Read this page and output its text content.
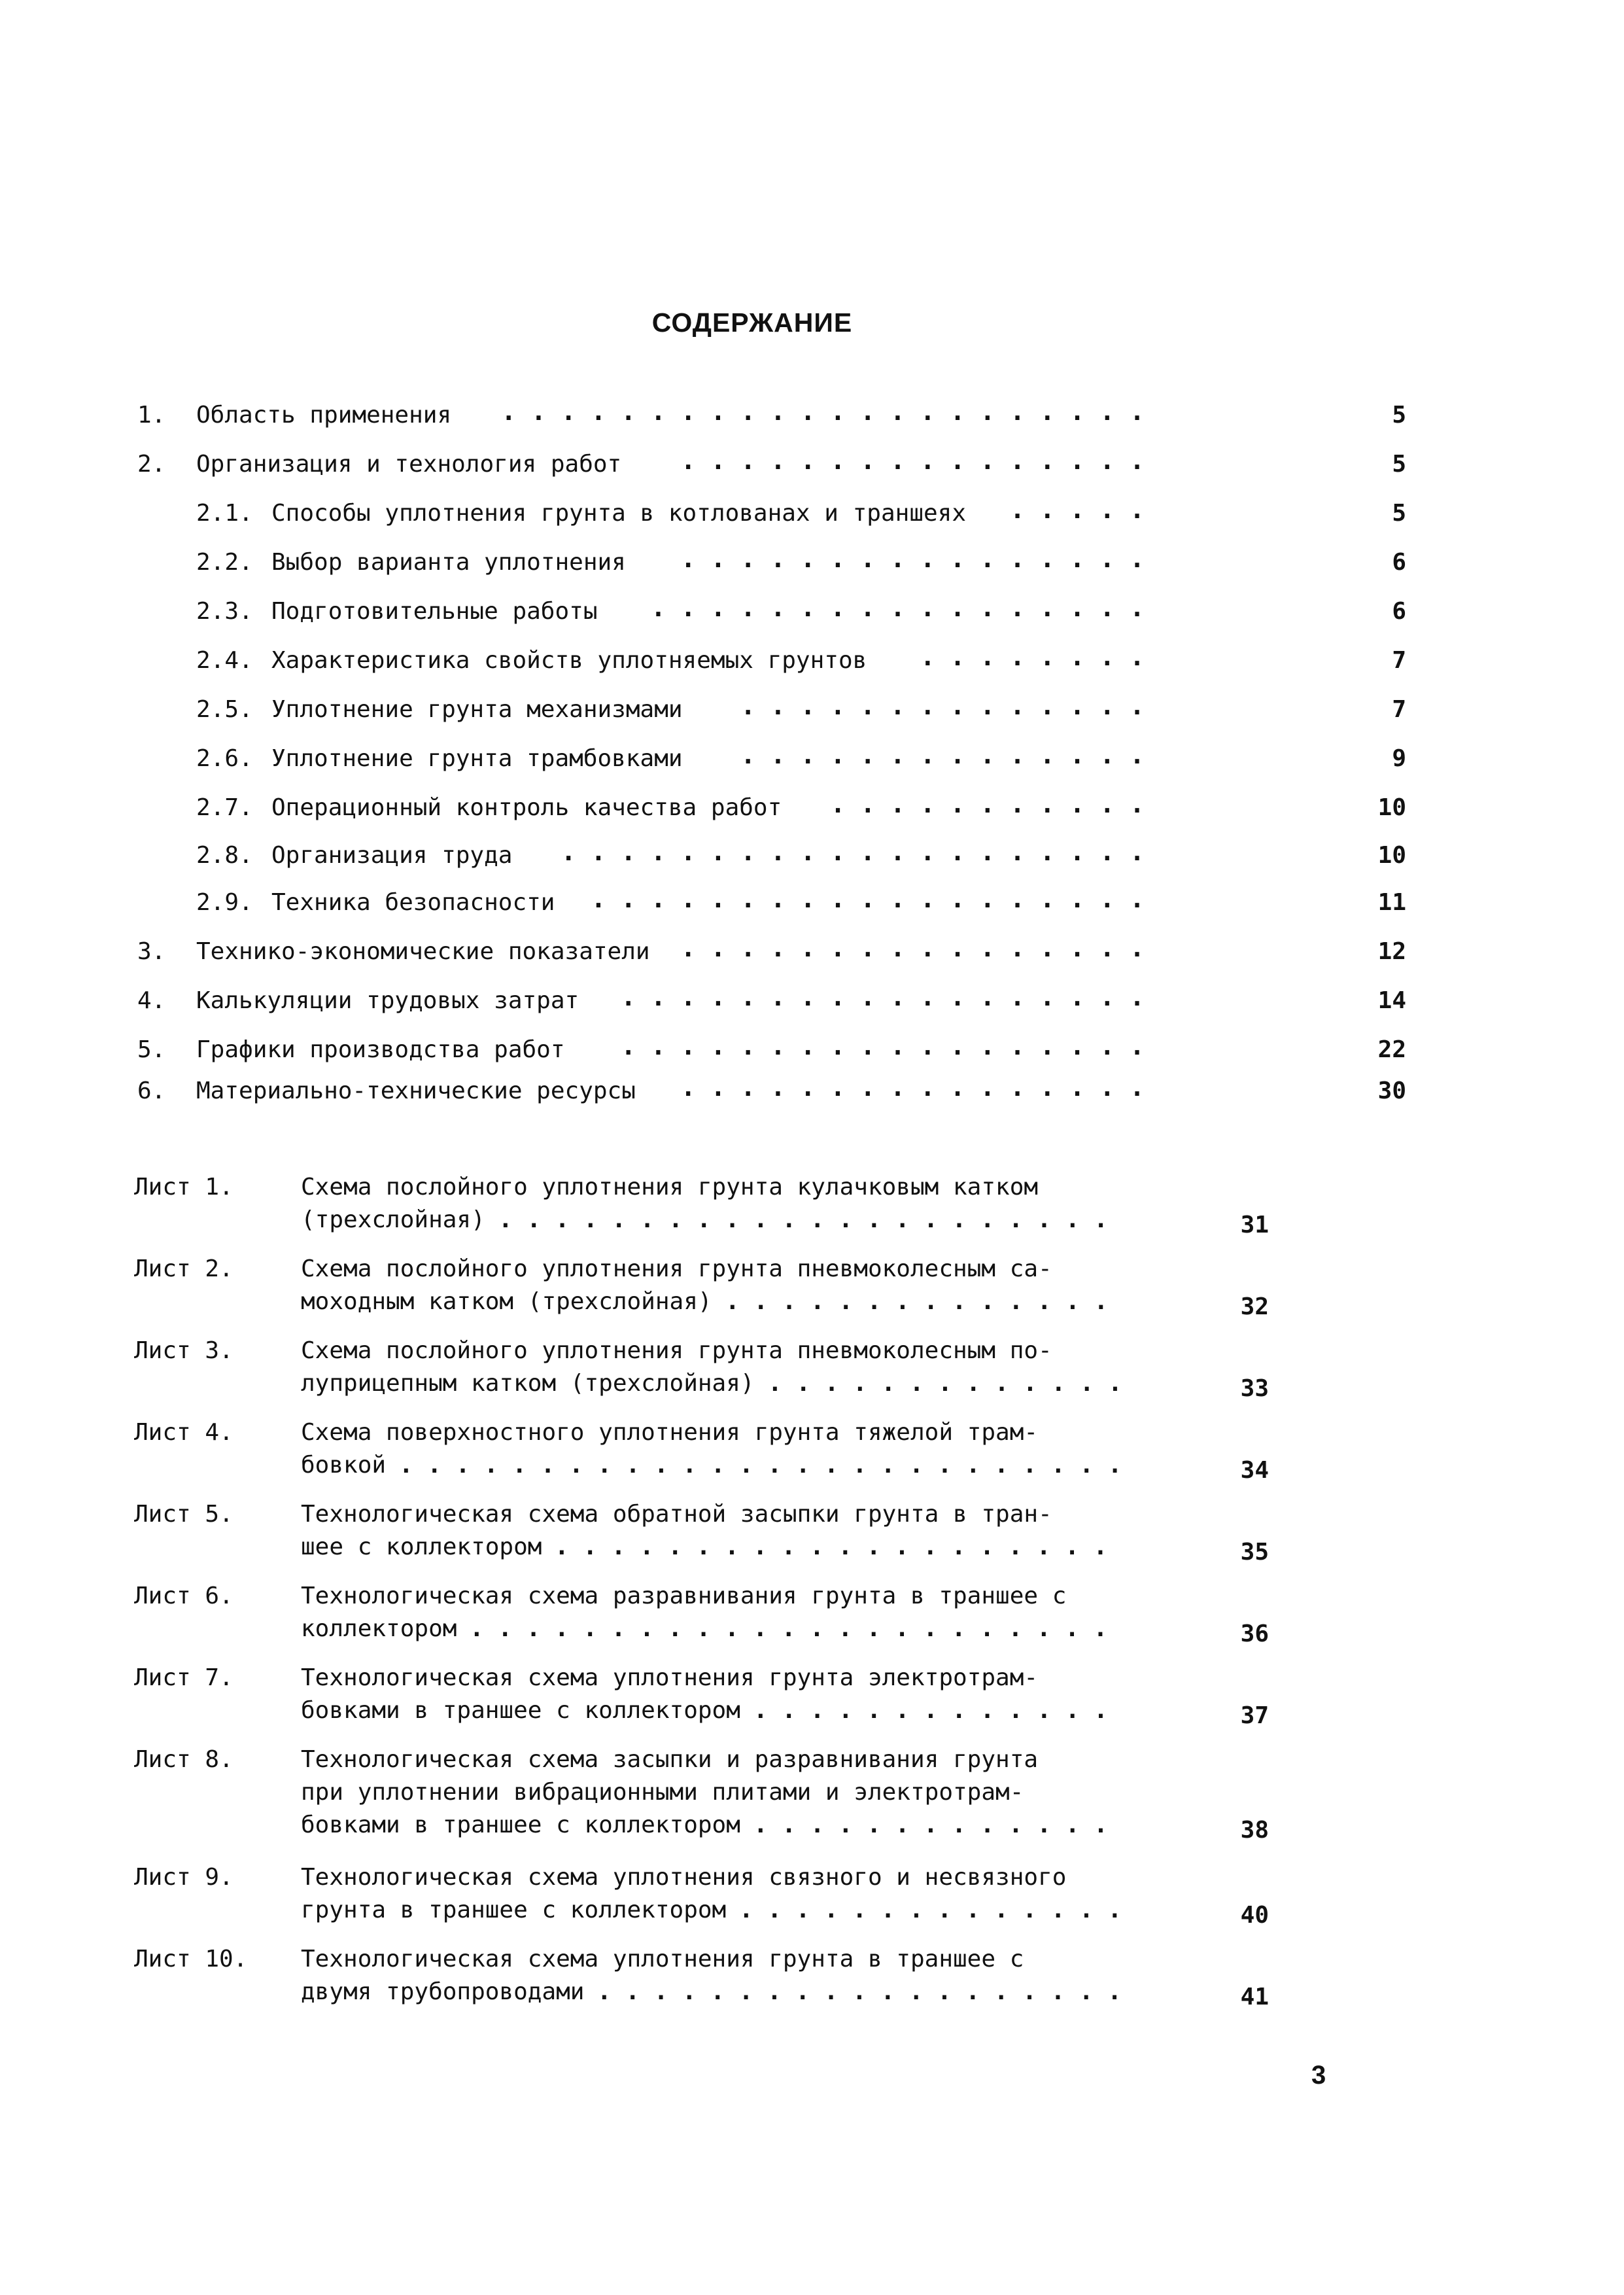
СОДЕРЖАНИЕ
1. Область применения	. . . . . . . . . . . . . . . . . . . . . .	5
2. Организация и технология работ	. . . . . . . . . . . . . . . .	5
2.1. Способы уплотнения грунта в котлованах и траншеях	. . . . .	5
2.2. Выбор варианта уплотнения	. . . . . . . . . . . . . . . .	6
2.3. Подготовительные работы	. . . . . . . . . . . . . . . . .	6
2.4. Характеристика свойств уплотняемых грунтов	. . . . . . . .	7
2.5. Уплотнение грунта механизмами	. . . . . . . . . . . . . .	7
2.6. Уплотнение грунта трамбовками	. . . . . . . . . . . . . .	9
2.7. Операционный контроль качества работ	. . . . . . . . . . .	10
2.8. Организация труда	. . . . . . . . . . . . . . . . . . . .	10
2.9. Техника безопасности	. . . . . . . . . . . . . . . . . . .	11
3. Технико-экономические показатели	. . . . . . . . . . . . . . . .	12
4. Калькуляции трудовых затрат	. . . . . . . . . . . . . . . . . .	14
5. Графики производства работ	. . . . . . . . . . . . . . . . . .	22
6. Материально-технические ресурсы	. . . . . . . . . . . . . . . .	30
Лист 1.	Схема послойного уплотнения грунта кулачковым катком
(трехслойная)	31
. . . . . . . . . . . . . . . . . . . . . .
Лист 2.	Схема послойного уплотнения грунта пневмоколесным са-
моходным катком (трехслойная)	32
. . . . . . . . . . . . . .
Лист 3.	Схема послойного уплотнения грунта пневмоколесным по-
луприцепным катком (трехслойная)	33
. . . . . . . . . . . . .
Лист 4.	Схема поверхностного уплотнения грунта тяжелой трам-
бовкой	34
. . . . . . . . . . . . . . . . . . . . . . . . . .
Лист 5.	Технологическая схема обратной засыпки грунта в тран-
шее с коллектором	35
. . . . . . . . . . . . . . . . . . . .
Лист 6.	Технологическая схема разравнивания грунта в траншее с
коллектором	36
. . . . . . . . . . . . . . . . . . . . . . .
Лист 7.	Технологическая схема уплотнения грунта электротрам-
бовками в траншее с коллектором	37
. . . . . . . . . . . . .
Лист 8.	Технологическая схема засыпки и разравнивания грунта
при уплотнении вибрационными плитами и электротрам-
бовками в траншее с коллектором	38
. . . . . . . . . . . . .
Лист 9.	Технологическая схема уплотнения связного и несвязного
грунта в траншее с коллектором	40
. . . . . . . . . . . . . .
Лист 10. Технологическая схема уплотнения грунта в траншее с
двумя трубопроводами	41
. . . . . . . . . . . . . . . . . . .
3
